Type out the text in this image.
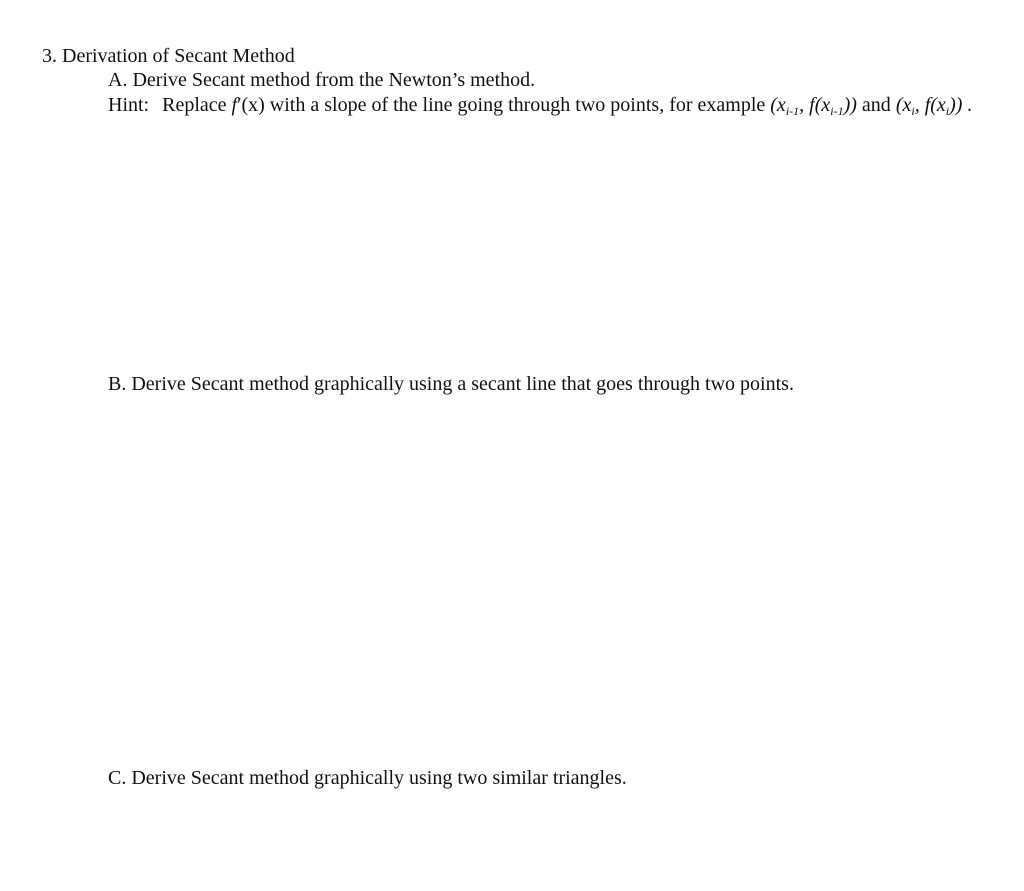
3. Derivation of Secant Method
A. Derive Secant method from the Newton’s method.
Hint: Replace f′(x) with a slope of the line going through two points, for example ($x_{i-1}$, $f(x_{i-1})$) and ($x_i$, $f(x_i)$) .
B. Derive Secant method graphically using a secant line that goes through two points.
C. Derive Secant method graphically using two similar triangles.
